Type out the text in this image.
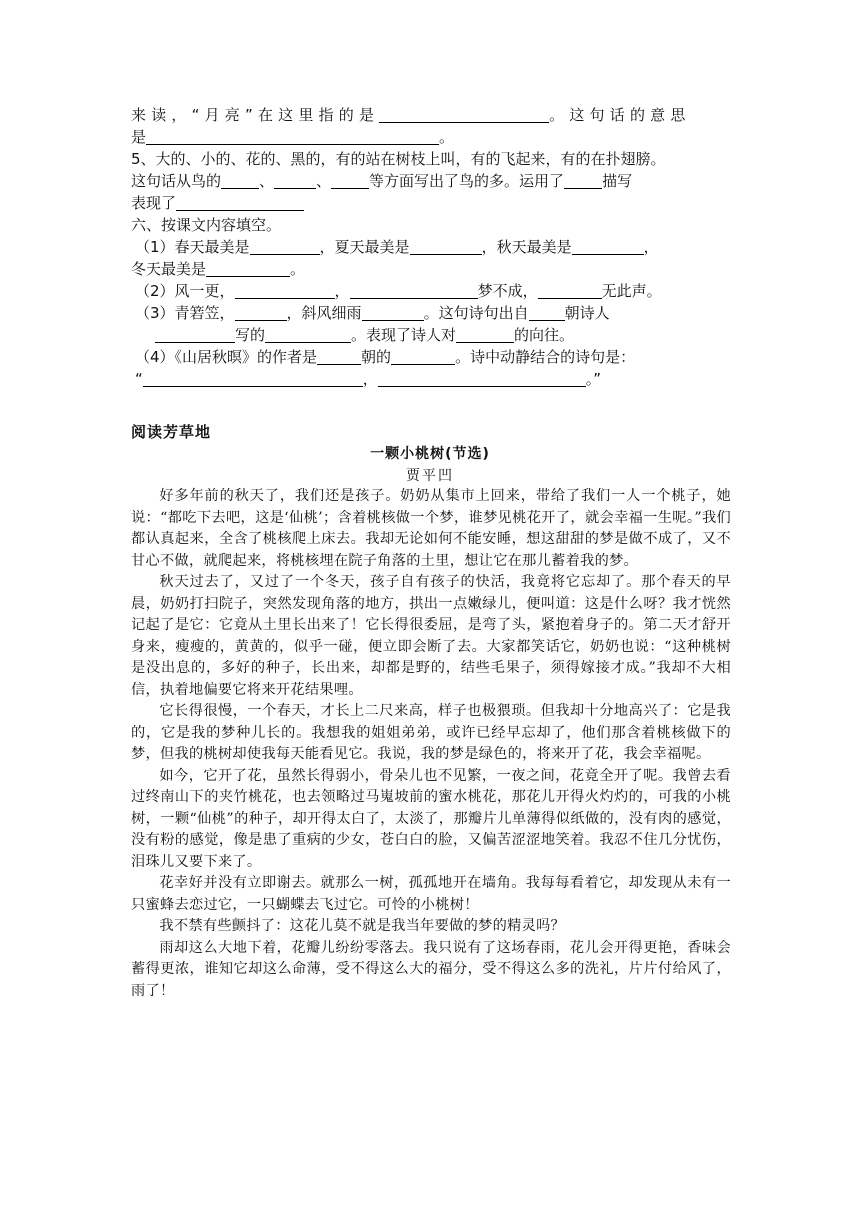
来读，“月亮”在这里指的是	。这句话的意思
是	。
5、大的、小的、花的、黑的，有的站在树枝上叫，有的飞起来，有的在扑翅膀。
这句话从鸟的	、	、	等方面写出了鸟的多。运用了	描写
表现了
六、按课文内容填空。
（1）春天最美是	，夏天最美是	，秋天最美是	，
冬天最美是	。
（2）风一更，	，	梦不成，	无此声。
（3）青箬笠，	，斜风细雨	。这句诗句出自 朝诗人
写的	。表现了诗人对	的向往。
（4）《山居秋暝》的作者是	朝的	。诗中动静结合的诗句是：
“	，	。”
阅读芳草地
一颗小桃树(节选)
贾平凹

好多年前的秋天了，我们还是孩子。奶奶从集市上回来，带给了我们一人一个桃子，她说：“都吃下去吧，这是‘仙桃’；含着桃核做一个梦，谁梦见桃花开了，就会幸福一生呢。”我们都认真起来，全含了桃核爬上床去。我却无论如何不能安睡，想这甜甜的梦是做不成了，又不甘心不做，就爬起来，将桃核埋在院子角落的土里，想让它在那儿蓄着我的梦。

秋天过去了，又过了一个冬天，孩子自有孩子的快活，我竟将它忘却了。那个春天的早晨，奶奶打扫院子，突然发现角落的地方，拱出一点嫩绿儿，便叫道：这是什么呀？我才恍然记起了是它：它竟从土里长出来了！它长得很委屈，是弯了头，紧抱着身子的。第二天才舒开身来，瘦瘦的，黄黄的，似乎一碰，便立即会断了去。大家都笑话它，奶奶也说：“这种桃树是没出息的，多好的种子，长出来，却都是野的，结些毛果子，须得嫁接才成。”我却不大相信，执着地偏要它将来开花结果哩。

它长得很慢，一个春天，才长上二尺来高，样子也极猥琐。但我却十分地高兴了：它是我的，它是我的梦种儿长的。我想我的姐姐弟弟，或许已经早忘却了，他们那含着桃核做下的梦，但我的桃树却使我每天能看见它。我说，我的梦是绿色的，将来开了花，我会幸福呢。

如今，它开了花，虽然长得弱小，骨朵儿也不见繁，一夜之间，花竟全开了呢。我曾去看过终南山下的夹竹桃花，也去领略过马嵬坡前的蜜水桃花，那花儿开得火灼灼的，可我的小桃树，一颗“仙桃”的种子，却开得太白了，太淡了，那瓣片儿单薄得似纸做的，没有肉的感觉，没有粉的感觉，像是患了重病的少女，苍白白的脸，又偏苦涩涩地笑着。我忍不住几分忧伤，泪珠儿又要下来了。

花幸好并没有立即谢去。就那么一树，孤孤地开在墙角。我每每看着它，却发现从未有一只蜜蜂去恋过它，一只蝴蝶去飞过它。可怜的小桃树！

我不禁有些颤抖了：这花儿莫不就是我当年要做的梦的精灵吗？

雨却这么大地下着，花瓣儿纷纷零落去。我只说有了这场春雨，花儿会开得更艳，香味会蓄得更浓，谁知它却这么命薄，受不得这么大的福分，受不得这么多的洗礼，片片付给风了，雨了！
